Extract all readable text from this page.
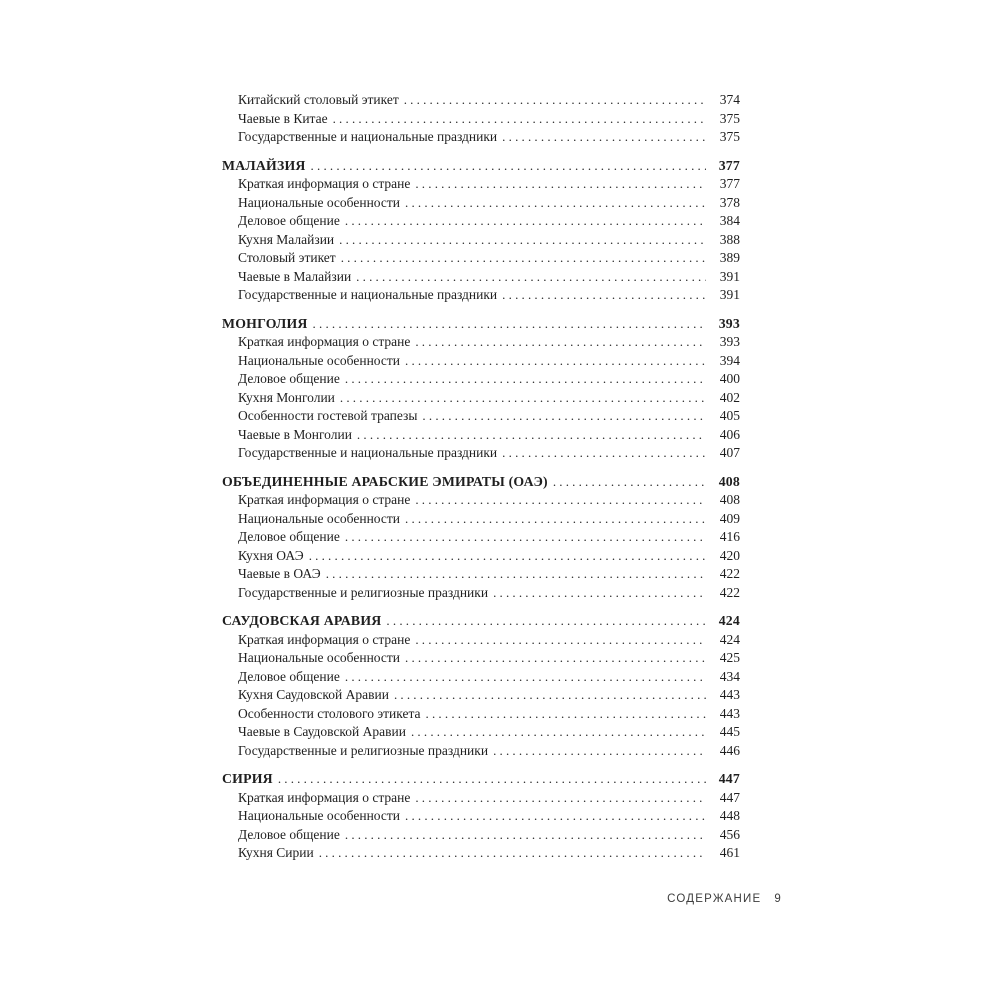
Китайский столовый этикет .....	374
Чаевые в Китае .....	375
Государственные и национальные праздники .....	375
МАЛАЙЗИЯ .....	377
Краткая информация о стране .....	377
Национальные особенности .....	378
Деловое общение .....	384
Кухня Малайзии .....	388
Столовый этикет .....	389
Чаевые в Малайзии .....	391
Государственные и национальные праздники .....	391
МОНГОЛИЯ .....	393
Краткая информация о стране .....	393
Национальные особенности .....	394
Деловое общение .....	400
Кухня Монголии .....	402
Особенности гостевой трапезы .....	405
Чаевые в Монголии .....	406
Государственные и национальные праздники .....	407
ОБЪЕДИНЕННЫЕ АРАБСКИЕ ЭМИРАТЫ (ОАЭ) .....	408
Краткая информация о стране .....	408
Национальные особенности .....	409
Деловое общение .....	416
Кухня ОАЭ .....	420
Чаевые в ОАЭ .....	422
Государственные и религиозные праздники .....	422
САУДОВСКАЯ АРАВИЯ .....	424
Краткая информация о стране .....	424
Национальные особенности .....	425
Деловое общение .....	434
Кухня Саудовской Аравии .....	443
Особенности столового этикета .....	443
Чаевые в Саудовской Аравии .....	445
Государственные и религиозные праздники .....	446
СИРИЯ .....	447
Краткая информация о стране .....	447
Национальные особенности .....	448
Деловое общение .....	456
Кухня Сирии .....	461
СОДЕРЖАНИЕ 9
